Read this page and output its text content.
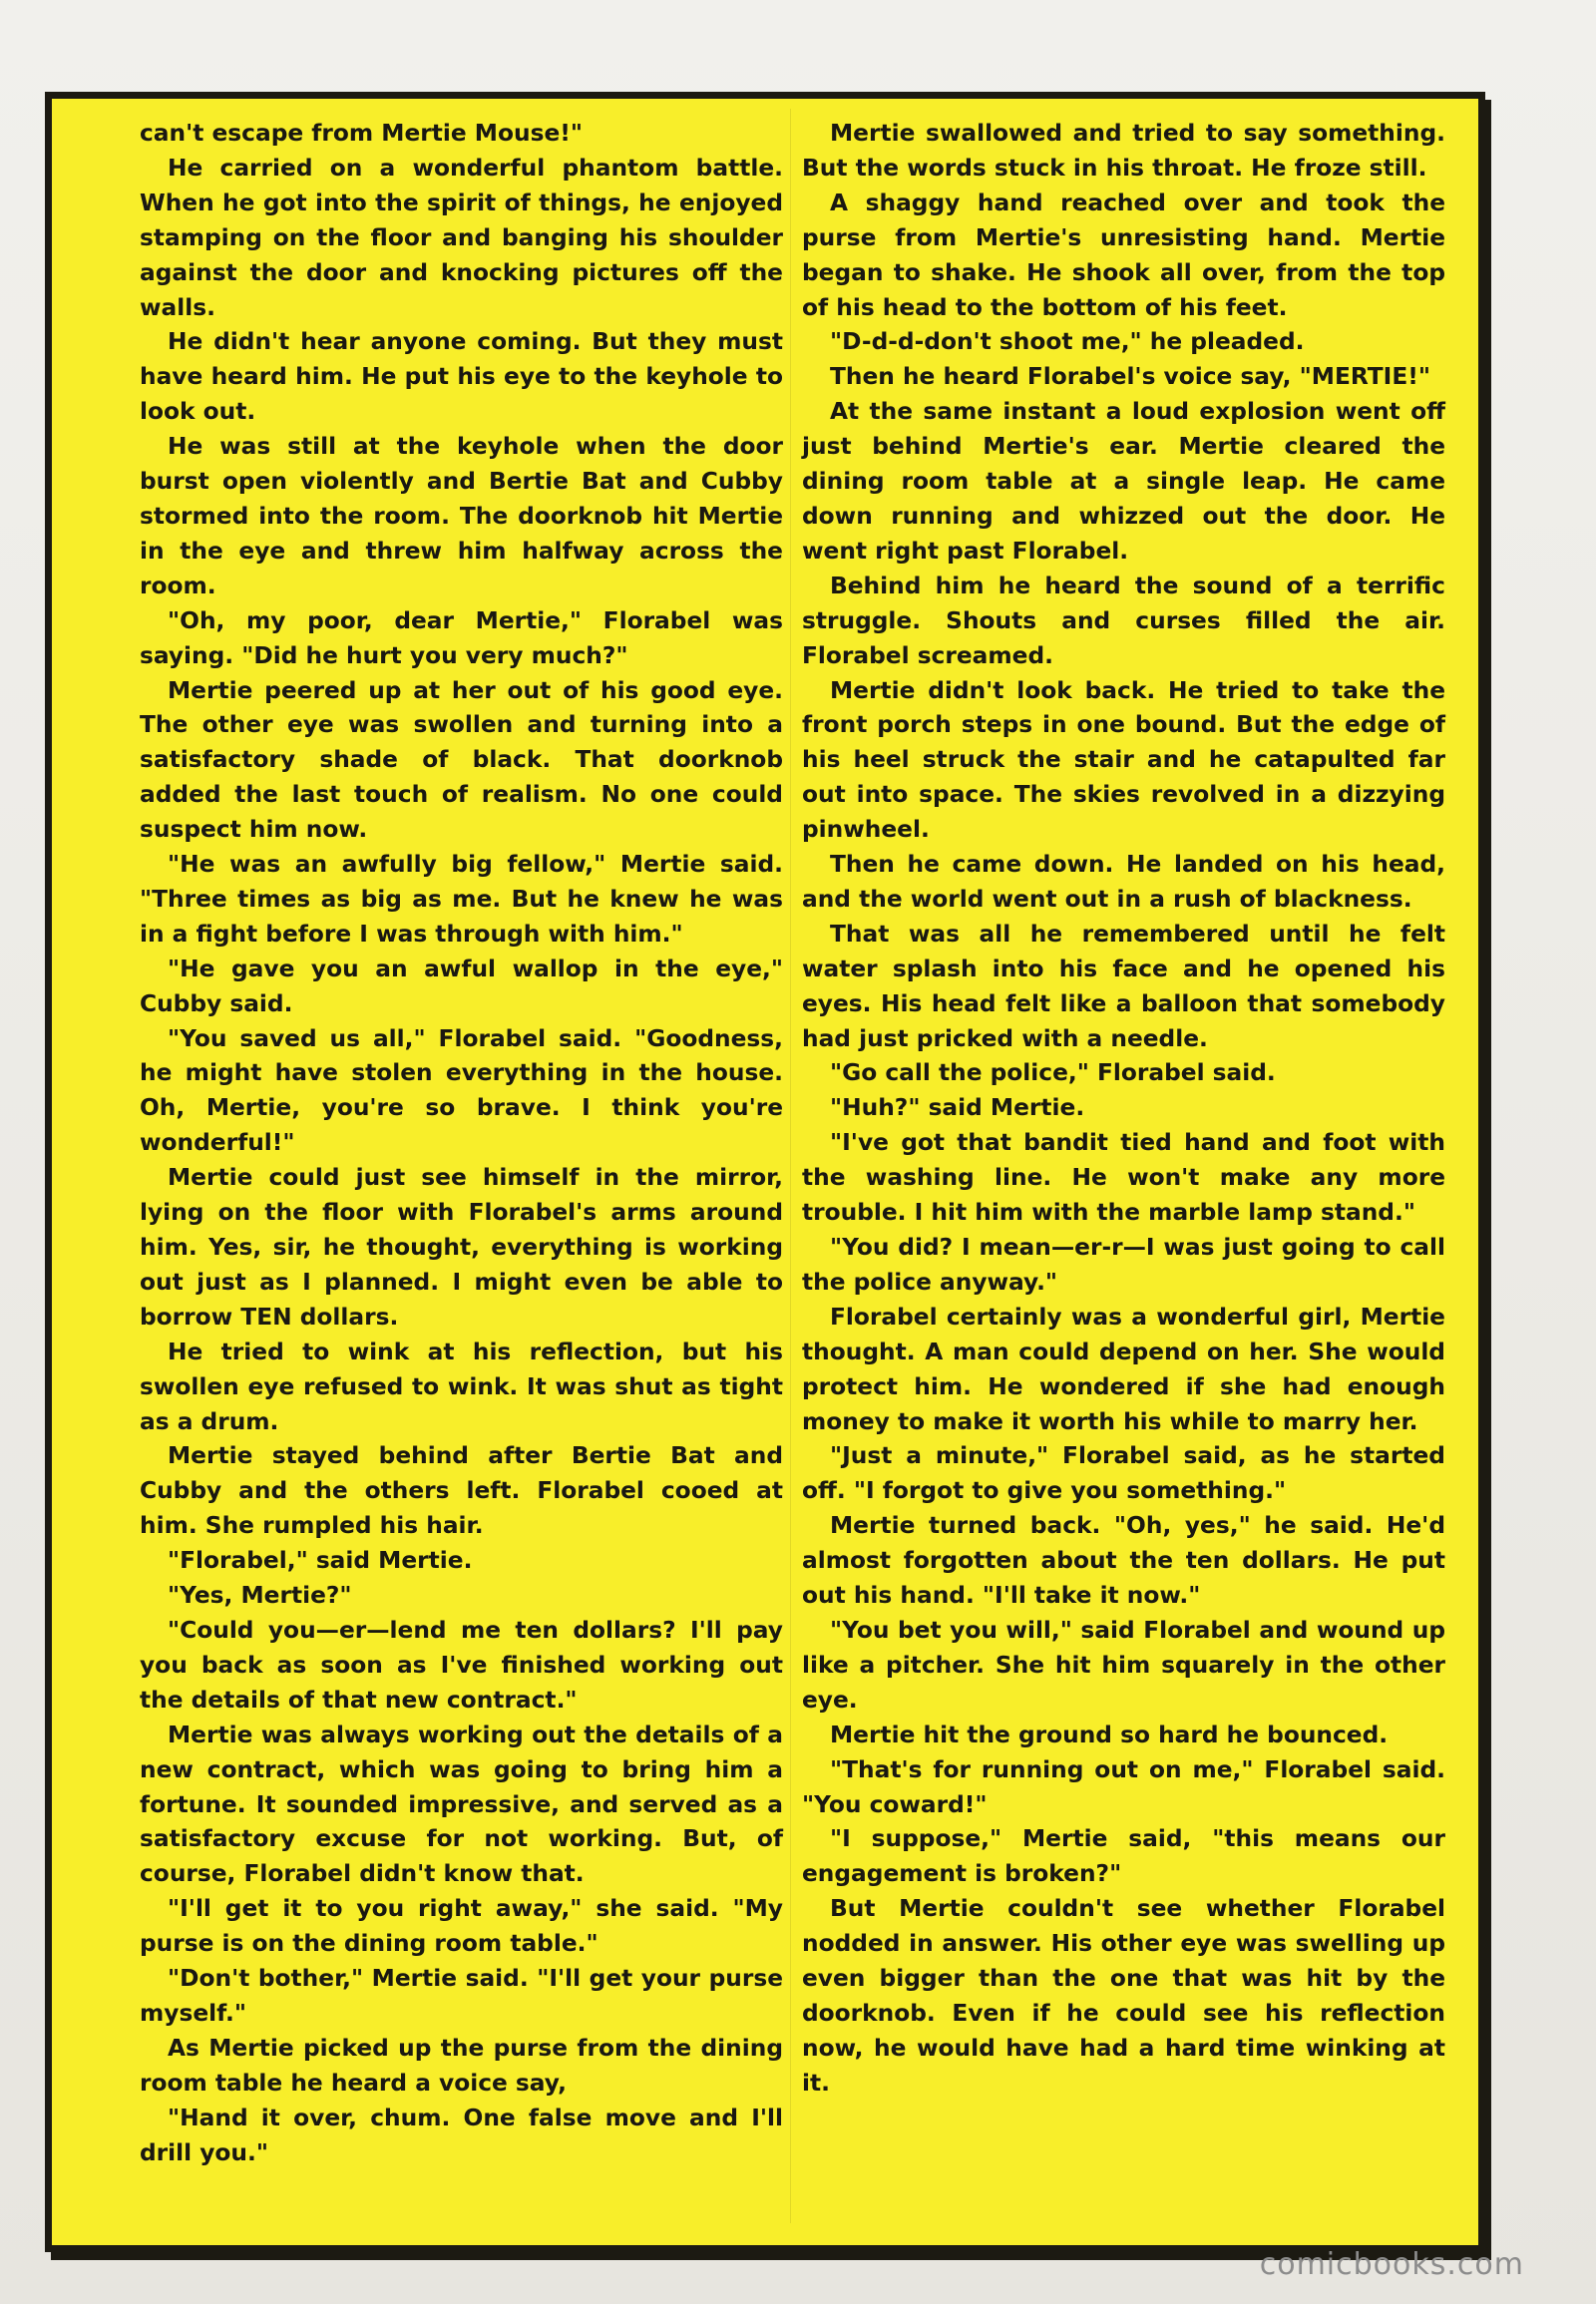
can't escape from Mertie Mouse!"

He carried on a wonderful phantom battle. When he got into the spirit of things, he enjoyed stamping on the floor and banging his shoulder against the door and knocking pictures off the walls.

He didn't hear anyone coming. But they must have heard him. He put his eye to the keyhole to look out.

He was still at the keyhole when the door burst open violently and Bertie Bat and Cubby stormed into the room. The doorknob hit Mertie in the eye and threw him halfway across the room.

"Oh, my poor, dear Mertie," Florabel was saying. "Did he hurt you very much?"

Mertie peered up at her out of his good eye. The other eye was swollen and turning into a satisfactory shade of black. That doorknob added the last touch of realism. No one could suspect him now.

"He was an awfully big fellow," Mertie said. "Three times as big as me. But he knew he was in a fight before I was through with him."

"He gave you an awful wallop in the eye," Cubby said.

"You saved us all," Florabel said. "Goodness, he might have stolen everything in the house. Oh, Mertie, you're so brave. I think you're wonderful!"

Mertie could just see himself in the mirror, lying on the floor with Florabel's arms around him. Yes, sir, he thought, everything is working out just as I planned. I might even be able to borrow TEN dollars.

He tried to wink at his reflection, but his swollen eye refused to wink. It was shut as tight as a drum.

Mertie stayed behind after Bertie Bat and Cubby and the others left. Florabel cooed at him. She rumpled his hair.

"Florabel," said Mertie.

"Yes, Mertie?"

"Could you—er—lend me ten dollars? I'll pay you back as soon as I've finished working out the details of that new contract."

Mertie was always working out the details of a new contract, which was going to bring him a fortune. It sounded impressive, and served as a satisfactory excuse for not working. But, of course, Florabel didn't know that.

"I'll get it to you right away," she said. "My purse is on the dining room table."

"Don't bother," Mertie said. "I'll get your purse myself."

As Mertie picked up the purse from the dining room table he heard a voice say,

"Hand it over, chum. One false move and I'll drill you."

Mertie swallowed and tried to say something. But the words stuck in his throat. He froze still.

A shaggy hand reached over and took the purse from Mertie's unresisting hand. Mertie began to shake. He shook all over, from the top of his head to the bottom of his feet.

"D-d-d-don't shoot me," he pleaded.

Then he heard Florabel's voice say, "MERTIE!"

At the same instant a loud explosion went off just behind Mertie's ear. Mertie cleared the dining room table at a single leap. He came down running and whizzed out the door. He went right past Florabel.

Behind him he heard the sound of a terrific struggle. Shouts and curses filled the air. Florabel screamed.

Mertie didn't look back. He tried to take the front porch steps in one bound. But the edge of his heel struck the stair and he catapulted far out into space. The skies revolved in a dizzying pinwheel.

Then he came down. He landed on his head, and the world went out in a rush of blackness.

That was all he remembered until he felt water splash into his face and he opened his eyes. His head felt like a balloon that somebody had just pricked with a needle.

"Go call the police," Florabel said.

"Huh?" said Mertie.

"I've got that bandit tied hand and foot with the washing line. He won't make any more trouble. I hit him with the marble lamp stand."

"You did? I mean—er-r—I was just going to call the police anyway."

Florabel certainly was a wonderful girl, Mertie thought. A man could depend on her. She would protect him. He wondered if she had enough money to make it worth his while to marry her.

"Just a minute," Florabel said, as he started off. "I forgot to give you something."

Mertie turned back. "Oh, yes," he said. He'd almost forgotten about the ten dollars. He put out his hand. "I'll take it now."

"You bet you will," said Florabel and wound up like a pitcher. She hit him squarely in the other eye.

Mertie hit the ground so hard he bounced.

"That's for running out on me," Florabel said. "You coward!"

"I suppose," Mertie said, "this means our engagement is broken?"

But Mertie couldn't see whether Florabel nodded in answer. His other eye was swelling up even bigger than the one that was hit by the doorknob. Even if he could see his reflection now, he would have had a hard time winking at it.

comicbooks.com
